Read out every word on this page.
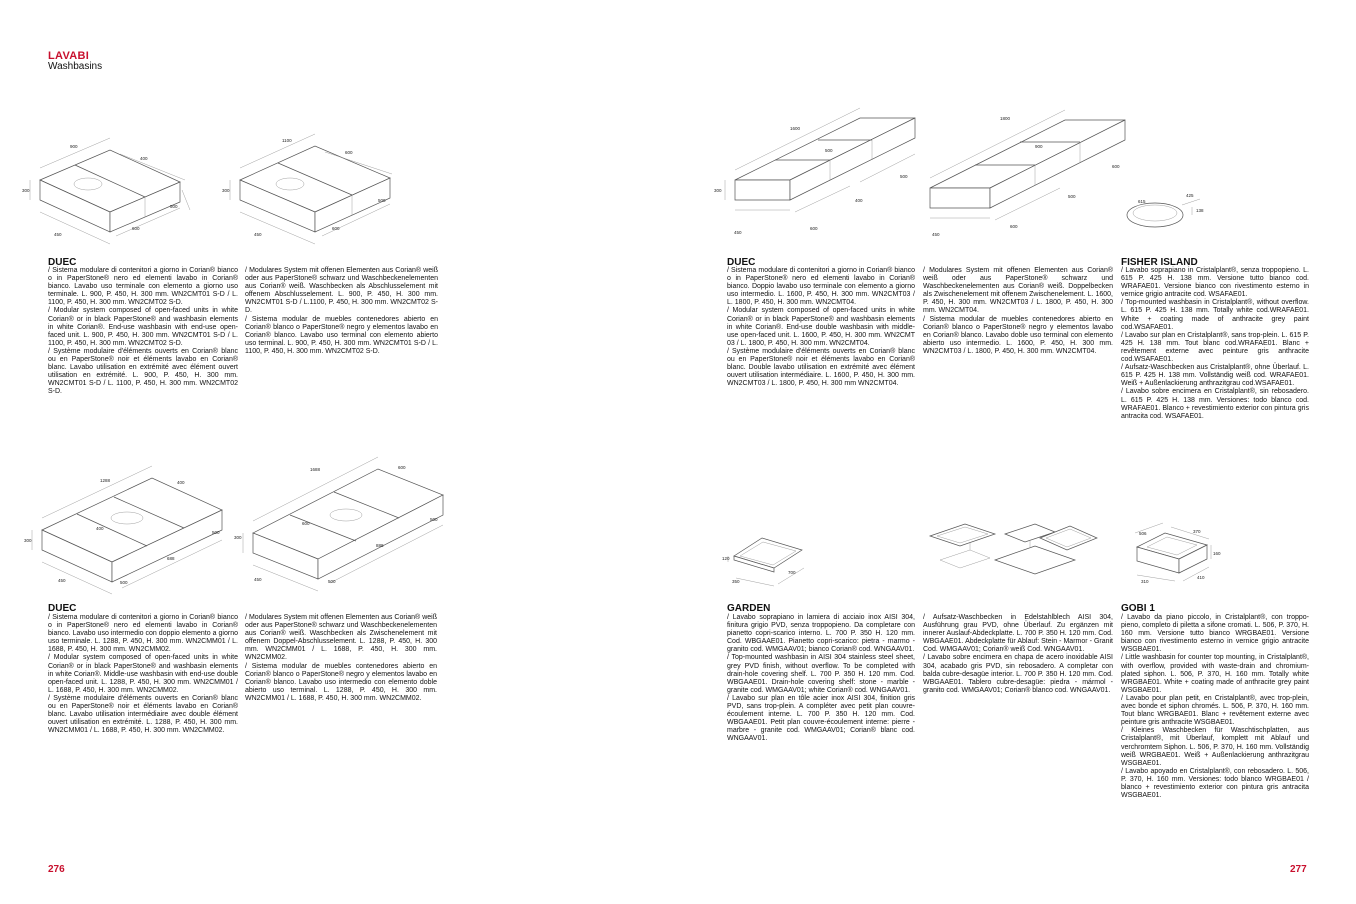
LAVABI
Washbasins
900
400
300
500
600
450
1100
600
300
500
600
450
1600
500
300
600
400
450
500
1800
900
600
500
450
600
615
425
138
1288	400
300
400
500
688
450	500
1688	600
500
300
600
888
450	500
120
700
350
506	370
160
310
410
DUEC
/ Sistema modulare di contenitori a giorno in Corian® bianco o in PaperStone® nero ed elementi lavabo in Corian® bianco. Lavabo uso terminale con elemento a giorno uso terminale. L. 900, P. 450, H. 300 mm. WN2CMT01 S-D / L. 1100, P. 450, H. 300 mm. WN2CMT02 S-D.
/ Modular system composed of open-faced units in white Corian® or in black PaperStone® and washbasin elements in white Corian®. End-use washbasin with end-use open-faced unit. L. 900, P. 450, H. 300 mm. WN2CMT01 S-D / L. 1100, P. 450, H. 300 mm. WN2CMT02 S-D.
/ Système modulaire d'éléments ouverts en Corian® blanc ou en PaperStone® noir et éléments lavabo en Corian® blanc. Lavabo utilisation en extrémité avec élément ouvert utilisation en extrémité. L. 900, P. 450, H. 300 mm. WN2CMT01 S-D / L. 1100, P. 450, H. 300 mm. WN2CMT02 S-D.
/ Modulares System mit offenen Elementen aus Corian® weiß oder aus PaperStone® schwarz und Waschbeckenelementen aus Corian® weiß. Waschbecken als Abschlusselement mit offenem Abschlusselement. L. 900, P. 450, H. 300 mm. WN2CMT01 S-D / L.1100, P. 450, H. 300 mm. WN2CMT02 S-D.
/ Sistema modular de muebles contenedores abierto en Corian® blanco o PaperStone® negro y elementos lavabo en Corian® blanco. Lavabo uso terminal con elemento abierto uso terminal. L. 900, P. 450, H. 300 mm. WN2CMT01 S-D / L. 1100, P. 450, H. 300 mm. WN2CMT02 S-D.
DUEC
/ Sistema modulare di contenitori a giorno in Corian® bianco o in PaperStone® nero ed elementi lavabo in Corian® bianco. Doppio lavabo uso terminale con elemento a giorno uso intermedio. L. 1600, P. 450, H. 300 mm. WN2CMT03 / L. 1800, P. 450, H. 300 mm. WN2CMT04.
/ Modular system composed of open-faced units in white Corian® or in black PaperStone® and washbasin elements in white Corian®. End-use double washbasin with middle-use open-faced unit. L. 1600, P. 450, H. 300 mm. WN2CMT 03 / L. 1800, P. 450, H. 300 mm. WN2CMT04.
/ Système modulaire d'éléments ouverts en Corian® blanc ou en PaperStone® noir et éléments lavabo en Corian® blanc. Double lavabo utilisation en extrémité avec élément ouvert utilisation intermédiaire. L. 1600, P. 450, H. 300 mm. WN2CMT03 / L. 1800, P. 450, H. 300 mm WN2CMT04.
/ Modulares System mit offenen Elementen aus Corian® weiß oder aus PaperStone® schwarz und Waschbeckenelementen aus Corian® weiß. Doppelbecken als Zwischenelement mit offenem Zwischenelement. L. 1600, P. 450, H. 300 mm. WN2CMT03 / L. 1800, P. 450, H. 300 mm. WN2CMT04.
/ Sistema modular de muebles contenedores abierto en Corian® blanco o PaperStone® negro y elementos lavabo en Corian® blanco. Lavabo doble uso terminal con elemento abierto uso intermedio. L. 1600, P. 450, H. 300 mm. WN2CMT03 / L. 1800, P. 450, H. 300 mm. WN2CMT04.
FISHER ISLAND
/ Lavabo soprapiano in Cristalplant®, senza troppopieno. L. 615 P. 425 H. 138 mm. Versione tutto bianco cod. WRAFAE01. Versione bianco con rivestimento esterno in vernice grigio antracite cod. WSAFAE01.
/ Top-mounted washbasin in Cristalplant®, without overflow. L. 615 P. 425 H. 138 mm. Totally white cod.WRAFAE01. White + coating made of anthracite grey paint cod.WSAFAE01.
/ Lavabo sur plan en Cristalplant®, sans trop-plein. L. 615 P. 425 H. 138 mm. Tout blanc cod.WRAFAE01. Blanc + revêtement externe avec peinture gris anthracite cod.WSAFAE01.
/ Aufsatz-Waschbecken aus Cristalplant®, ohne Überlauf. L. 615 P. 425 H. 138 mm. Vollständig weiß cod. WRAFAE01. Weiß + Außenlackierung anthrazitgrau cod.WSAFAE01.
/ Lavabo sobre encimera en Cristalplant®, sin rebosadero. L. 615 P. 425 H. 138 mm. Versiones: todo blanco cod. WRAFAE01. Blanco + revestimiento exterior con pintura gris antracita cod. WSAFAE01.
DUEC
/ Sistema modulare di contenitori a giorno in Corian® bianco o in PaperStone® nero ed elementi lavabo in Corian® bianco. Lavabo uso intermedio con doppio elemento a giorno uso terminale. L. 1288, P. 450, H. 300 mm. WN2CMM01 / L. 1688, P. 450, H. 300 mm. WN2CMM02.
/ Modular system composed of open-faced units in white Corian® or in black PaperStone® and washbasin elements in white Corian®. Middle-use washbasin with end-use double open-faced unit. L. 1288, P. 450, H. 300 mm. WN2CMM01 / L. 1688, P. 450, H. 300 mm. WN2CMM02.
/ Système modulaire d'éléments ouverts en Corian® blanc ou en PaperStone® noir et éléments lavabo en Corian® blanc. Lavabo utilisation intermédiaire avec double élément ouvert utilisation en extrémité. L. 1288, P. 450, H. 300 mm. WN2CMM01 / L. 1688, P. 450, H. 300 mm. WN2CMM02.
/ Modulares System mit offenen Elementen aus Corian® weiß oder aus PaperStone® schwarz und Waschbeckenelementen aus Corian® weiß. Waschbecken als Zwischenelement mit offenem Doppel-Abschlusselement. L. 1288, P. 450, H. 300 mm. WN2CMM01 / L. 1688, P. 450, H. 300 mm. WN2CMM02.
/ Sistema modular de muebles contenedores abierto en Corian® blanco o PaperStone® negro y elementos lavabo en Corian® blanco. Lavabo uso intermedio con elemento doble abierto uso terminal. L. 1288, P. 450, H. 300 mm. WN2CMM01 / L. 1688, P. 450, H. 300 mm. WN2CMM02.
GARDEN
/ Lavabo soprapiano in lamiera di acciaio inox AISI 304, finitura grigio PVD, senza troppopieno. Da completare con pianetto copri-scarico interno. L. 700 P. 350 H. 120 mm. Cod. WBGAAE01. Pianetto copri-scarico: pietra - marmo - granito cod. WMGAAV01; bianco Corian® cod. WNGAAV01.
/ Top-mounted washbasin in AISI 304 stainless steel sheet, grey PVD finish, without overflow. To be completed with drain-hole covering shelf. L. 700 P. 350 H. 120 mm. Cod. WBGAAE01. Drain-hole covering shelf: stone - marble - granite cod. WMGAAV01; white Corian® cod. WNGAAV01.
/ Lavabo sur plan en tôle acier inox AISI 304, finition gris PVD, sans trop-plein. A compléter avec petit plan couvre-écoulement interne. L. 700 P. 350 H. 120 mm. Cod. WBGAAE01. Petit plan couvre-écoulement interne: pierre - marbre - granite cod. WMGAAV01; Corian® blanc cod. WNGAAV01.
/ Aufsatz-Waschbecken in Edelstahlblech AISI 304, Ausführung grau PVD, ohne Überlauf. Zu ergänzen mit innerer Auslauf-Abdeckplatte. L. 700 P. 350 H. 120 mm. Cod. WBGAAE01. Abdeckplatte für Ablauf: Stein - Marmor - Granit Cod. WMGAAV01; Corian® weiß Cod. WNGAAV01.
/ Lavabo sobre encimera en chapa de acero inoxidable AISI 304, acabado gris PVD, sin rebosadero. A completar con balda cubre-desagüe interior. L. 700 P. 350 H. 120 mm. Cod. WBGAAE01. Tablero cubre-desagüe: piedra - mármol - granito cod. WMGAAV01; Corian® blanco cod. WNGAAV01.
GOBI 1
/ Lavabo da piano piccolo, in Cristalplant®, con troppo-pieno, completo di piletta a sifone cromati. L. 506, P. 370, H. 160 mm. Versione tutto bianco WRGBAE01. Versione bianco con rivestimento esterno in vernice grigio antracite WSGBAE01.
/ Little washbasin for counter top mounting, in Cristalplant®, with overflow, provided with waste-drain and chromium-plated siphon. L. 506, P. 370, H. 160 mm. Totally white WRGBAE01. White + coating made of anthracite grey paint WSGBAE01.
/ Lavabo pour plan petit, en Cristalplant®, avec trop-plein, avec bonde et siphon chromés. L. 506, P. 370, H. 160 mm. Tout blanc WRGBAE01. Blanc + revêtement externe avec peinture gris anthracite WSGBAE01.
/ Kleines Waschbecken für Waschtischplatten, aus Cristalplant®, mit Überlauf, komplett mit Ablauf und verchromtem Siphon. L. 506, P. 370, H. 160 mm. Vollständig weiß WRGBAE01. Weiß + Außenlackierung anthrazitgrau WSGBAE01.
/ Lavabo apoyado en Cristalplant®, con rebosadero. L. 506, P. 370, H. 160 mm. Versiones: todo blanco WRGBAE01 / blanco + revestimiento exterior con pintura gris antracita WSGBAE01.
276	277
